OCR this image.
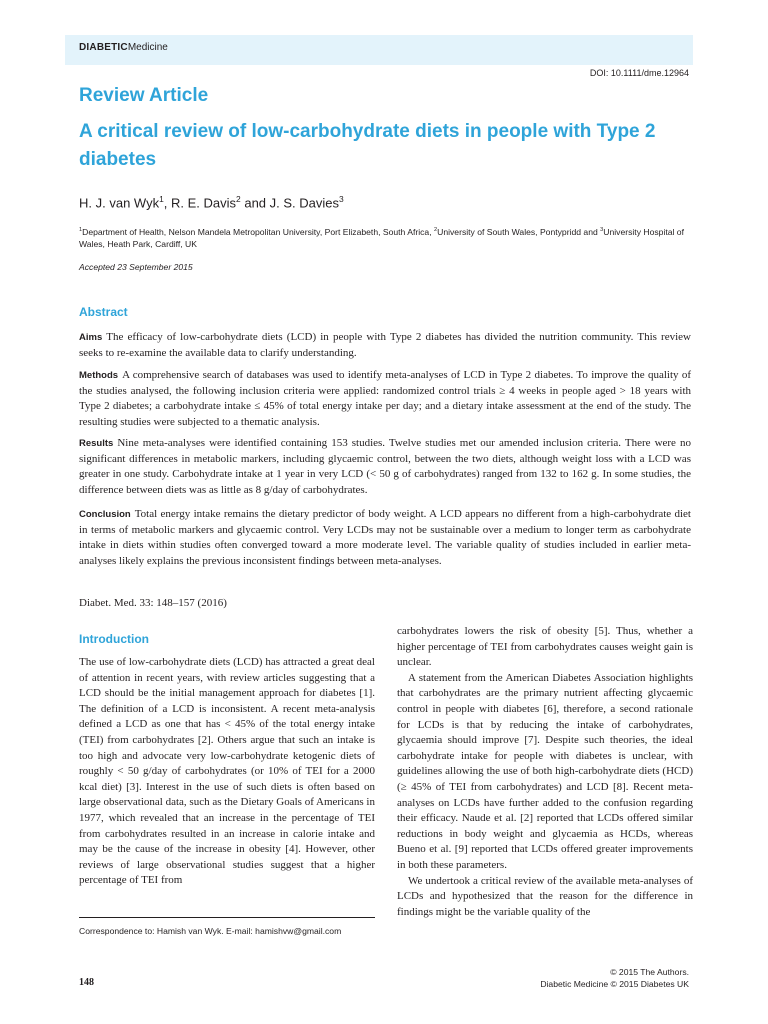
DIABETICMedicine
DOI: 10.1111/dme.12964
Review Article
A critical review of low-carbohydrate diets in people with Type 2 diabetes
H. J. van Wyk$^1$, R. E. Davis$^2$ and J. S. Davies$^3$
$^1$Department of Health, Nelson Mandela Metropolitan University, Port Elizabeth, South Africa, $^2$University of South Wales, Pontypridd and $^3$University Hospital of Wales, Heath Park, Cardiff, UK
Accepted 23 September 2015
Abstract

Aims The efficacy of low-carbohydrate diets (LCD) in people with Type 2 diabetes has divided the nutrition community. This review seeks to re-examine the available data to clarify understanding.

Methods A comprehensive search of databases was used to identify meta-analyses of LCD in Type 2 diabetes. To improve the quality of the studies analysed, the following inclusion criteria were applied: randomized control trials ≥ 4 weeks in people aged > 18 years with Type 2 diabetes; a carbohydrate intake ≤ 45% of total energy intake per day; and a dietary intake assessment at the end of the study. The resulting studies were subjected to a thematic analysis.

Results Nine meta-analyses were identified containing 153 studies. Twelve studies met our amended inclusion criteria. There were no significant differences in metabolic markers, including glycaemic control, between the two diets, although weight loss with a LCD was greater in one study. Carbohydrate intake at 1 year in very LCD (< 50 g of carbohydrates) ranged from 132 to 162 g. In some studies, the difference between diets was as little as 8 g/day of carbohydrates.

Conclusion Total energy intake remains the dietary predictor of body weight. A LCD appears no different from a high-carbohydrate diet in terms of metabolic markers and glycaemic control. Very LCDs may not be sustainable over a medium to longer term as carbohydrate intake in diets within studies often converged toward a more moderate level. The variable quality of studies included in earlier meta-analyses likely explains the previous inconsistent findings between meta-analyses.

Diabet. Med. 33: 148–157 (2016)
Introduction

The use of low-carbohydrate diets (LCD) has attracted a great deal of attention in recent years, with review articles suggesting that a LCD should be the initial management approach for diabetes [1]. The definition of a LCD is inconsistent. A recent meta-analysis defined a LCD as one that has < 45% of the total energy intake (TEI) from carbohydrates [2]. Others argue that such an intake is too high and advocate very low-carbohydrate ketogenic diets of roughly < 50 g/day of carbohydrates (or 10% of TEI for a 2000 kcal diet) [3]. Interest in the use of such diets is often based on large observational data, such as the Dietary Goals of Americans in 1977, which revealed that an increase in the percentage of TEI from carbohydrates resulted in an increase in calorie intake and may be the cause of the increase in obesity [4]. However, other reviews of large observational studies suggest that a higher percentage of TEI from

carbohydrates lowers the risk of obesity [5]. Thus, whether a higher percentage of TEI from carbohydrates causes weight gain is unclear.

A statement from the American Diabetes Association highlights that carbohydrates are the primary nutrient affecting glycaemic control in people with diabetes [6], therefore, a second rationale for LCDs is that by reducing the intake of carbohydrates, glycaemia should improve [7]. Despite such theories, the ideal carbohydrate intake for people with diabetes is unclear, with guidelines allowing the use of both high-carbohydrate diets (HCD) (≥ 45% of TEI from carbohydrates) and LCD [8]. Recent meta-analyses on LCDs have further added to the confusion regarding their efficacy. Naude et al. [2] reported that LCDs offered similar reductions in body weight and glycaemia as HCDs, whereas Bueno et al. [9] reported that LCDs offered greater improvements in both these parameters.

We undertook a critical review of the available meta-analyses of LCDs and hypothesized that the reason for the difference in findings might be the variable quality of the

Correspondence to: Hamish van Wyk. E-mail: hamishvw@gmail.com
148
© 2015 The Authors.
Diabetic Medicine © 2015 Diabetes UK
